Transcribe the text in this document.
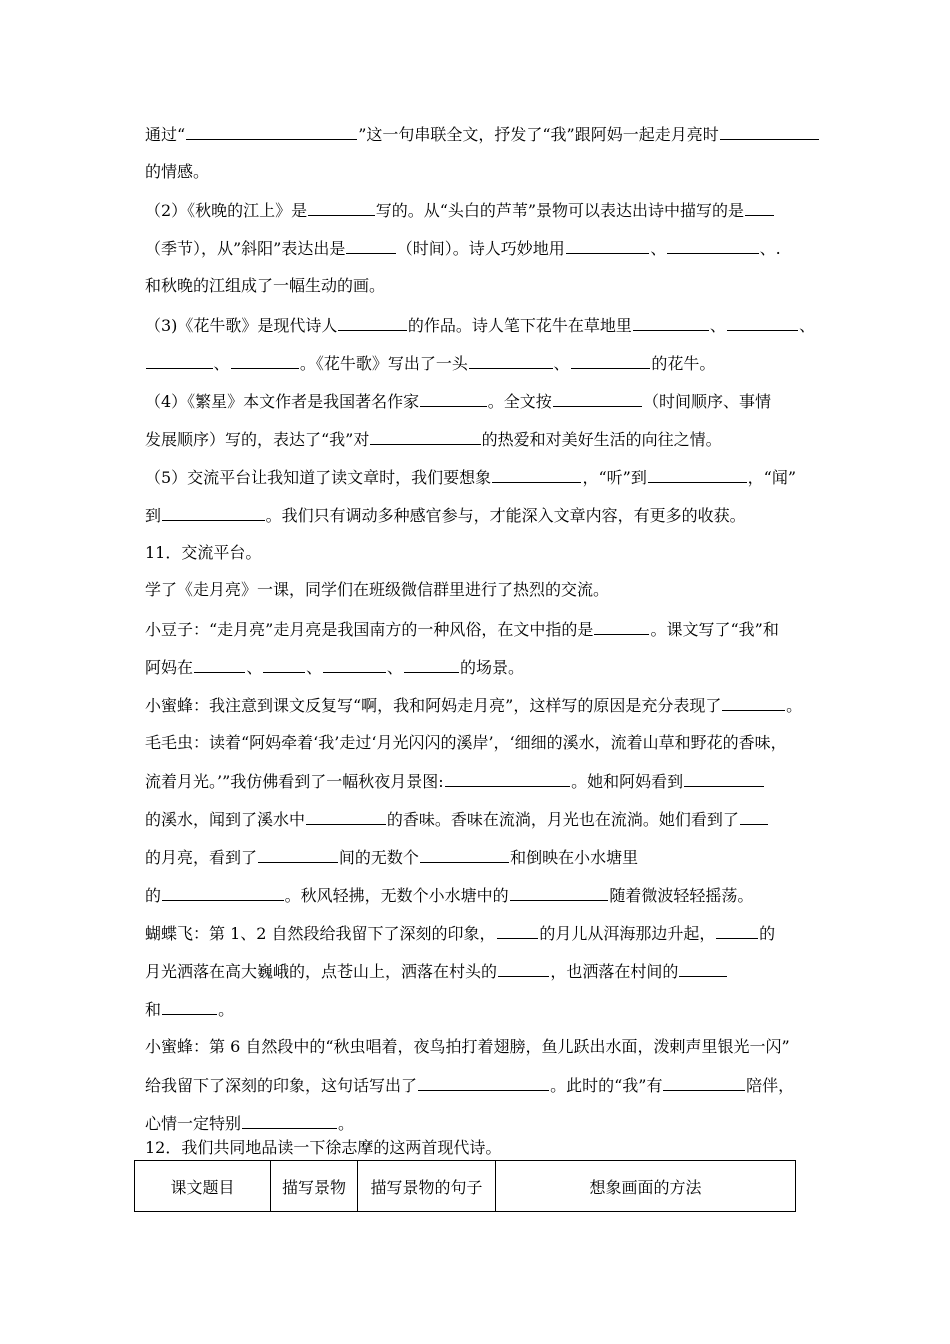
通过“	”这一句串联全文，抒发了“我”跟阿妈一起走月亮时
的情感。
（2）《秋晚的江上》是	写的。从“头白的芦苇”景物可以表达出诗中描写的是
（季节），从”斜阳”表达出是	（时间）。诗人巧妙地用	、	、.
和秋晚的江组成了一幅生动的画。
（3)《花牛歌》是现代诗人	的作品。诗人笔下花牛在草地里	、	、
、	。《花牛歌》写出了一头	、	的花牛。
（4）《繁星》本文作者是我国著名作家	。全文按	（时间顺序、事情
发展顺序）写的，表达了“我”对	的热爱和对美好生活的向往之情。
（5）交流平台让我知道了读文章时，我们要想象	，“听”到	，“闻”
到	。我们只有调动多种感官参与，才能深入文章内容，有更多的收获。
11．交流平台。
学了《走月亮》一课，同学们在班级微信群里进行了热烈的交流。
小豆子：“走月亮”走月亮是我国南方的一种风俗，在文中指的是	。课文写了“我”和
阿妈在	、	、	、	的场景。
小蜜蜂：我注意到课文反复写“啊，我和阿妈走月亮”，这样写的原因是充分表现了	。
毛毛虫：读着“阿妈牵着‘我’走过‘月光闪闪的溪岸’，‘细细的溪水，流着山草和野花的香味，
流着月光。’”我仿佛看到了一幅秋夜月景图:	。她和阿妈看到
的溪水，闻到了溪水中	的香味。香味在流淌，月光也在流淌。她们看到了
的月亮，看到了	间的无数个	和倒映在小水塘里
的	。秋风轻拂，无数个小水塘中的	随着微波轻轻摇荡。
蝴蝶飞：第 1、2 自然段给我留下了深刻的印象，	的月儿从洱海那边升起，	的
月光洒落在高大巍峨的，点苍山上，洒落在村头的	，也洒落在村间的
和	。
小蜜蜂：第 6 自然段中的“秋虫唱着，夜鸟拍打着翅膀，鱼儿跃出水面，泼剌声里银光一闪”
给我留下了深刻的印象，这句话写出了	。此时的“我”有	陪伴，
心情一定特别	。
12．我们共同地品读一下徐志摩的这两首现代诗。
课文题目	描写景物	描写景物的句子	想象画面的方法
